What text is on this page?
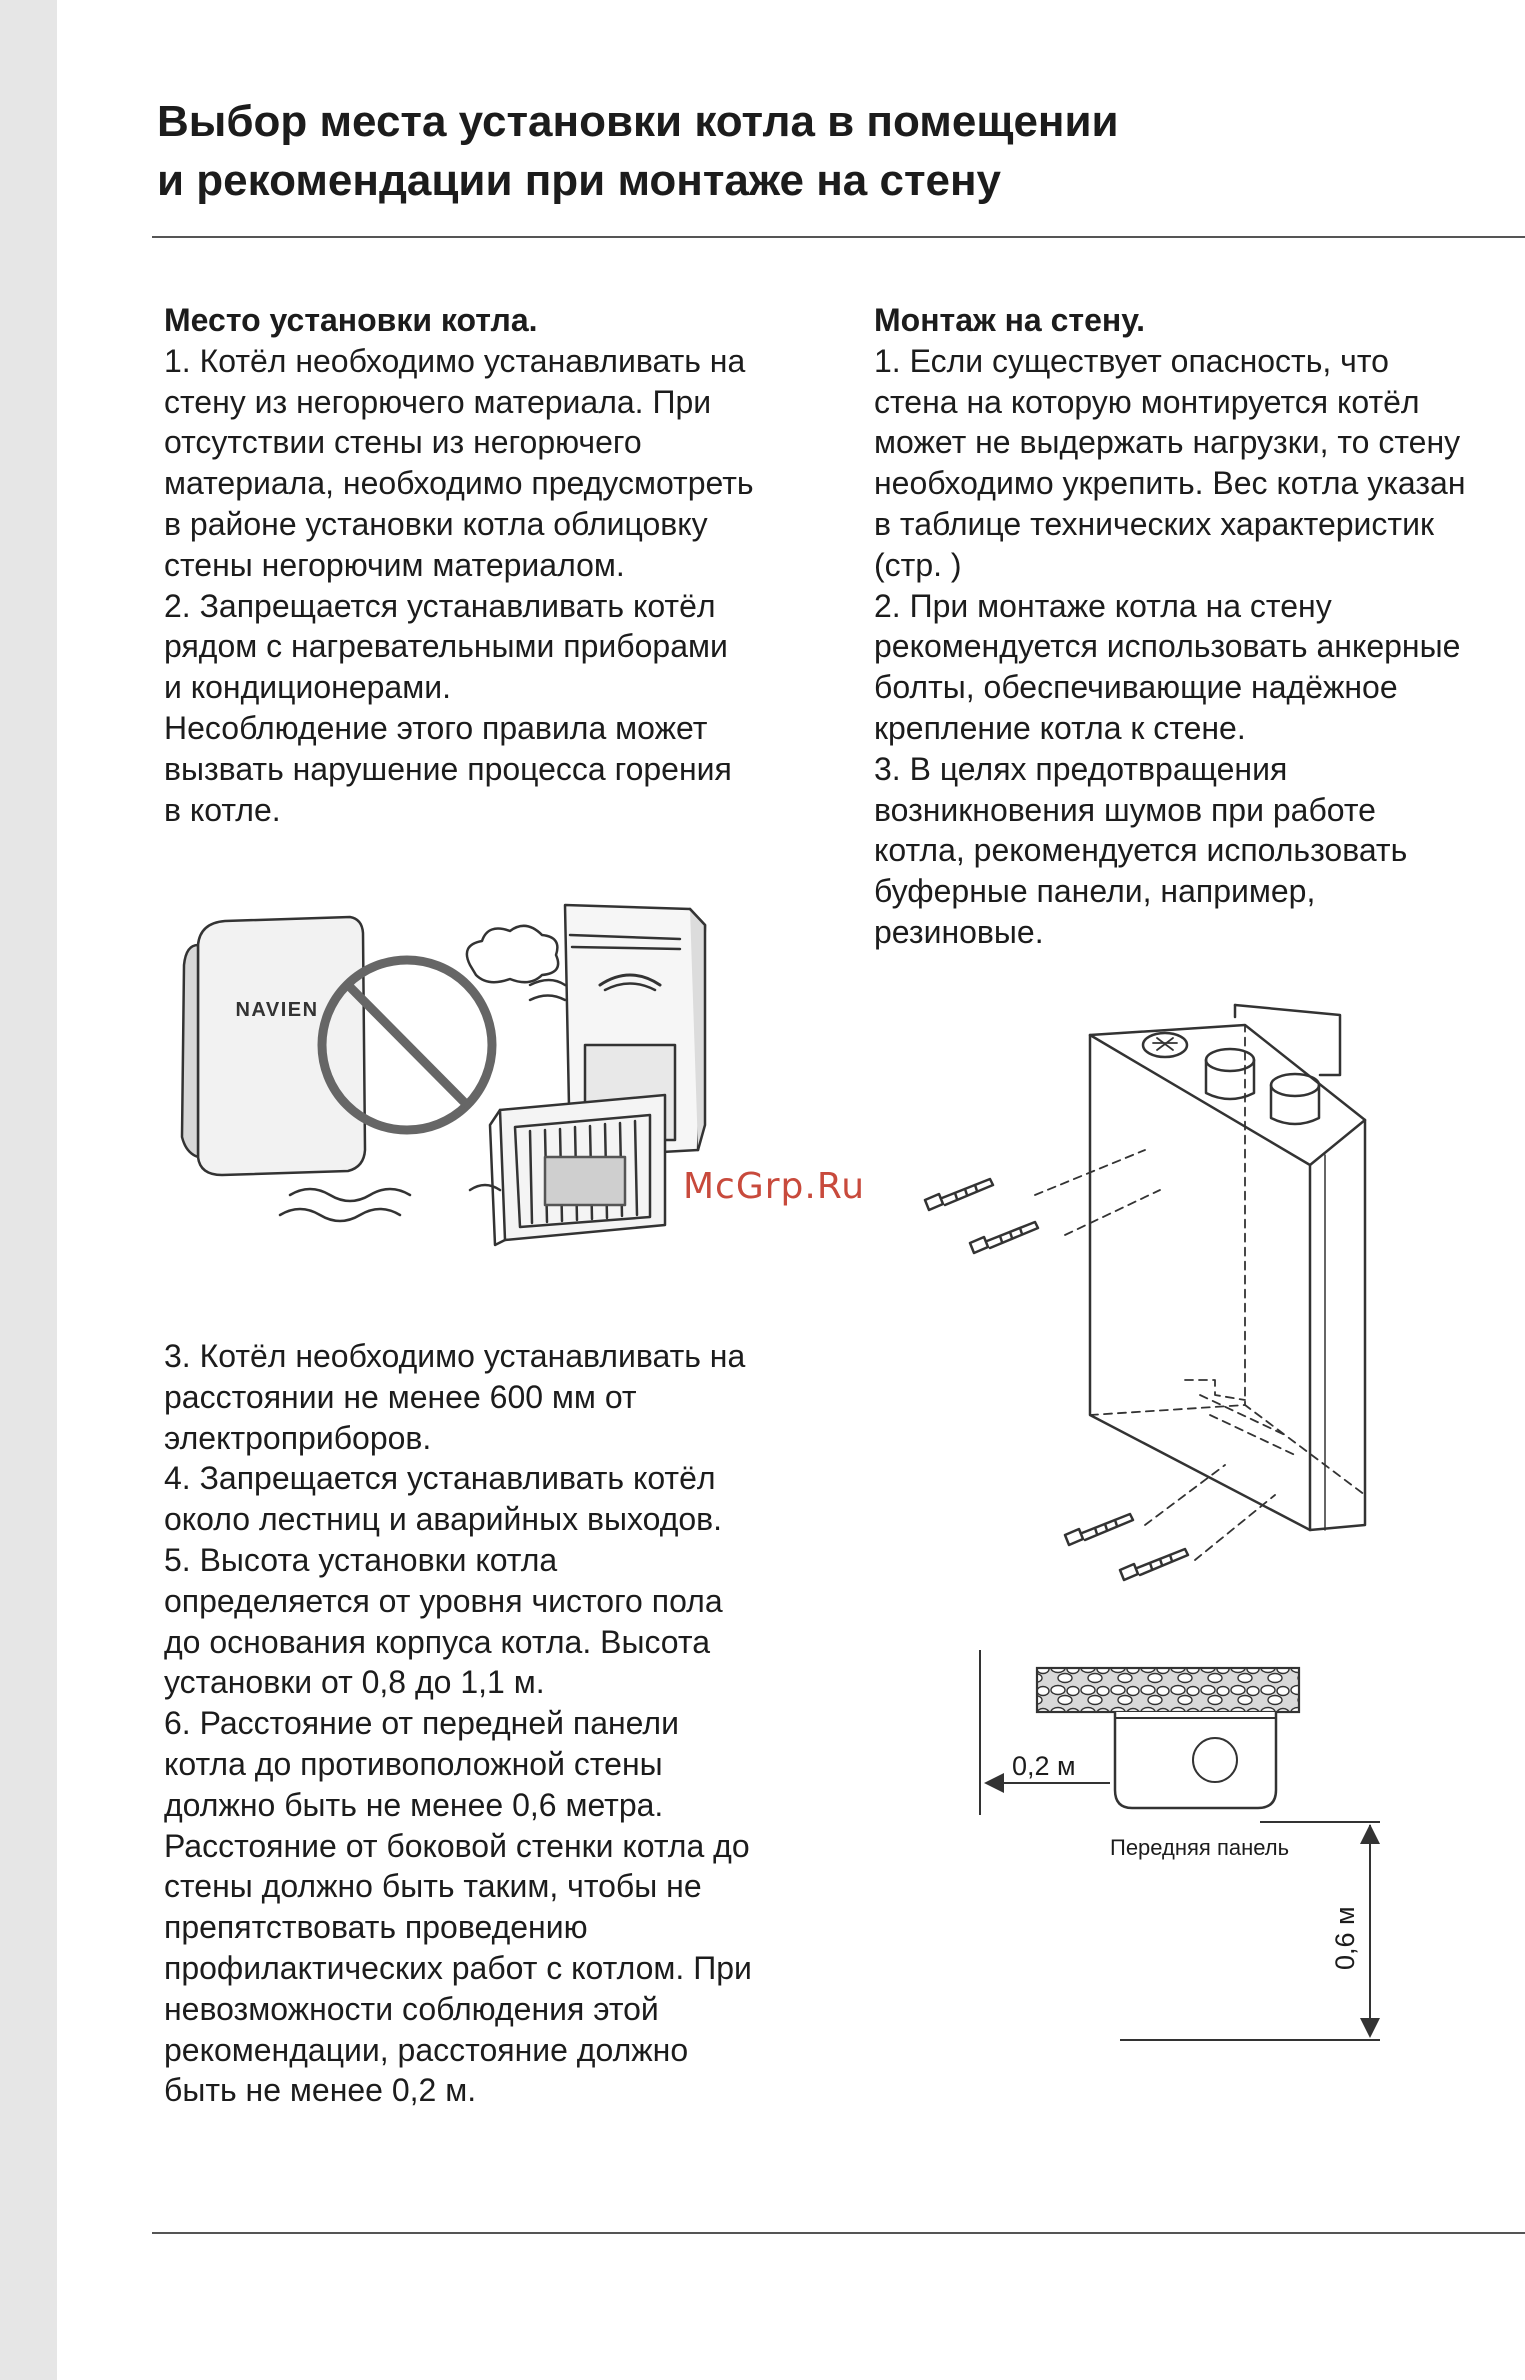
Выбор места установки котла в помещении
и рекомендации при монтаже на стену

Место установки котла.

1. Котёл необходимо устанавливать на стену из негорючего материала. При отсутствии стены из негорючего материала, необходимо предусмотреть в районе установки котла облицовку стены негорючим материалом.

2. Запрещается устанавливать котёл рядом с нагревательными приборами и кондиционерами.

Несоблюдение этого правила может вызвать нарушение процесса горения в котле.

NAVIEN

3. Котёл необходимо устанавливать на расстоянии не менее 600 мм от электроприборов.

4. Запрещается устанавливать котёл около лестниц и аварийных выходов.

5. Высота установки котла определяется от уровня чистого пола до основания корпуса котла. Высота установки от 0,8 до 1,1 м.

6. Расстояние от передней панели котла до противоположной стены должно быть не менее 0,6 метра. Расстояние от боковой стенки котла до стены должно быть таким, чтобы не препятствовать проведению профилактических работ с котлом. При невозможности соблюдения этой рекомендации, расстояние должно быть не менее 0,2 м.

Монтаж на стену.

1. Если существует опасность, что стена на которую монтируется котёл может не выдержать нагрузки, то стену необходимо укрепить. Вес котла указан в таблице технических характеристик (стр. )

2. При монтаже котла на стену рекомендуется использовать анкерные болты, обеспечивающие надёжное крепление котла к стене.

3. В целях предотвращения возникновения шумов при работе котла, рекомендуется использовать буферные панели, например, резиновые.

0,2 м
Передняя панель
0,6 м
McGrp.Ru
